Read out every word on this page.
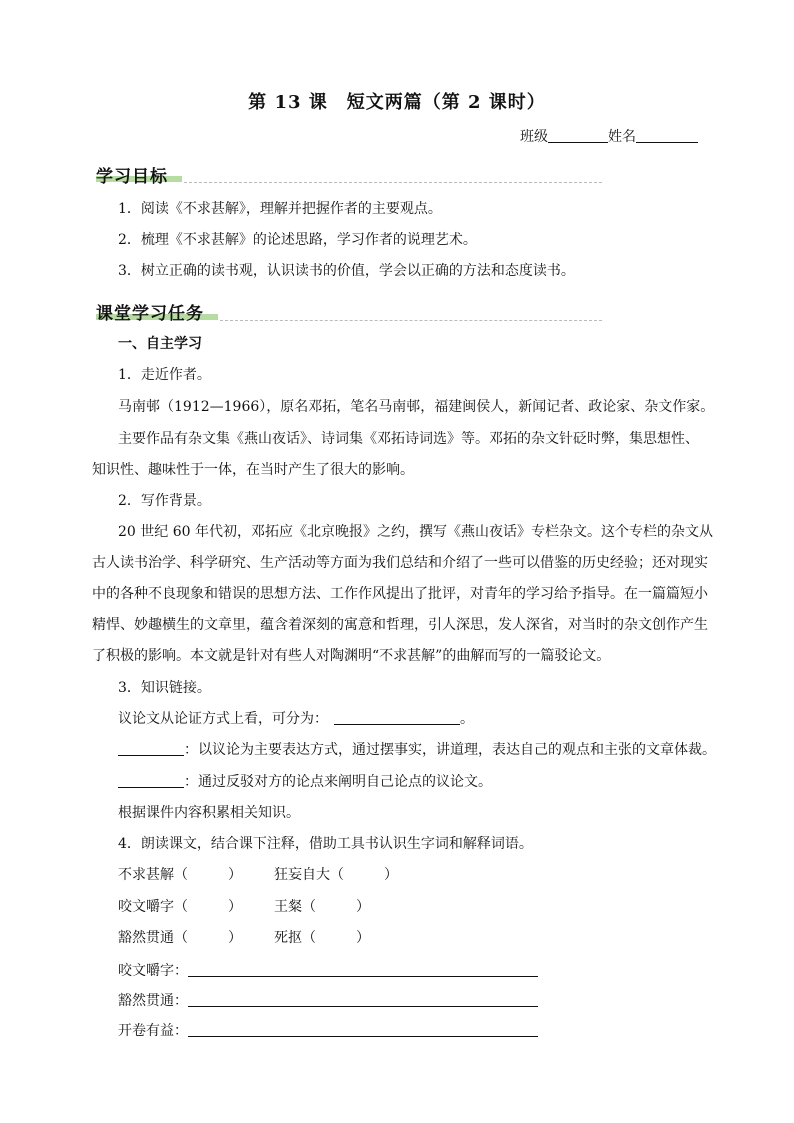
第 13 课　短文两篇（第 2 课时）
班级	姓名
学习目标
1．阅读《不求甚解》，理解并把握作者的主要观点。
2．梳理《不求甚解》的论述思路，学习作者的说理艺术。
3．树立正确的读书观，认识读书的价值，学会以正确的方法和态度读书。
课堂学习任务
一、自主学习
1．走近作者。
马南邨（1912—1966），原名邓拓，笔名马南邨，福建闽侯人，新闻记者、政论家、杂文作家。
主要作品有杂文集《燕山夜话》、诗词集《邓拓诗词选》等。邓拓的杂文针砭时弊，集思想性、
知识性、趣味性于一体，在当时产生了很大的影响。
2．写作背景。
20 世纪 60 年代初，邓拓应《北京晚报》之约，撰写《燕山夜话》专栏杂文。这个专栏的杂文从
古人读书治学、科学研究、生产活动等方面为我们总结和介绍了一些可以借鉴的历史经验；还对现实
中的各种不良现象和错误的思想方法、工作作风提出了批评，对青年的学习给予指导。在一篇篇短小
精悍、妙趣横生的文章里，蕴含着深刻的寓意和哲理，引人深思，发人深省，对当时的杂文创作产生
了积极的影响。本文就是针对有些人对陶渊明“不求甚解”的曲解而写的一篇驳论文。
3．知识链接。
议论文从论证方式上看，可分为：	。
：以议论为主要表达方式，通过摆事实，讲道理，表达自己的观点和主张的文章体裁。
：通过反驳对方的论点来阐明自己论点的议论文。
根据课件内容积累相关知识。
4．朗读课文，结合课下注释，借助工具书认识生字词和解释词语。
不求甚解（	） 狂妄自大（	）
咬文嚼字（	） 王粲（	）
豁然贯通（	） 死抠（	）
咬文嚼字：
豁然贯通：
开卷有益：
